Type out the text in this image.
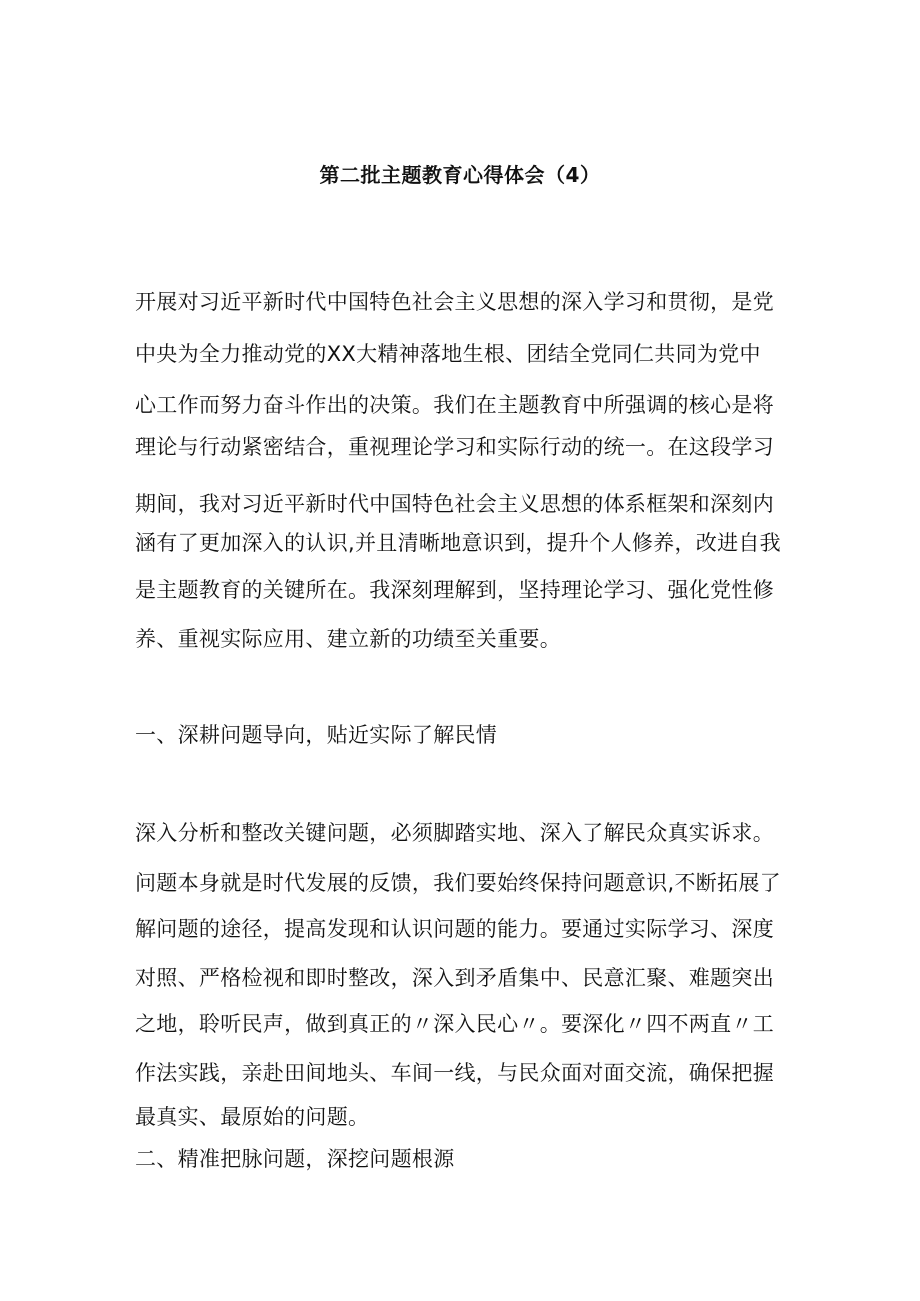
第二批主题教育心得体会（4）
开展对习近平新时代中国特色社会主义思想的深入学习和贯彻，是党
中央为全力推动党的XX大精神落地生根、团结全党同仁共同为党中
心工作而努力奋斗作出的决策。我们在主题教育中所强调的核心是将
理论与行动紧密结合，重视理论学习和实际行动的统一。在这段学习
期间，我对习近平新时代中国特色社会主义思想的体系框架和深刻内
涵有了更加深入的认识,并且清晰地意识到，提升个人修养，改进自我
是主题教育的关键所在。我深刻理解到，坚持理论学习、强化党性修
养、重视实际应用、建立新的功绩至关重要。
一、深耕问题导向，贴近实际了解民情
深入分析和整改关键问题，必须脚踏实地、深入了解民众真实诉求。
问题本身就是时代发展的反馈，我们要始终保持问题意识,不断拓展了
解问题的途径，提高发现和认识问题的能力。要通过实际学习、深度
对照、严格检视和即时整改，深入到矛盾集中、民意汇聚、难题突出
之地，聆听民声，做到真正的〃深入民心〃。要深化〃四不两直〃工
作法实践，亲赴田间地头、车间一线，与民众面对面交流，确保把握
最真实、最原始的问题。
二、精准把脉问题，深挖问题根源
